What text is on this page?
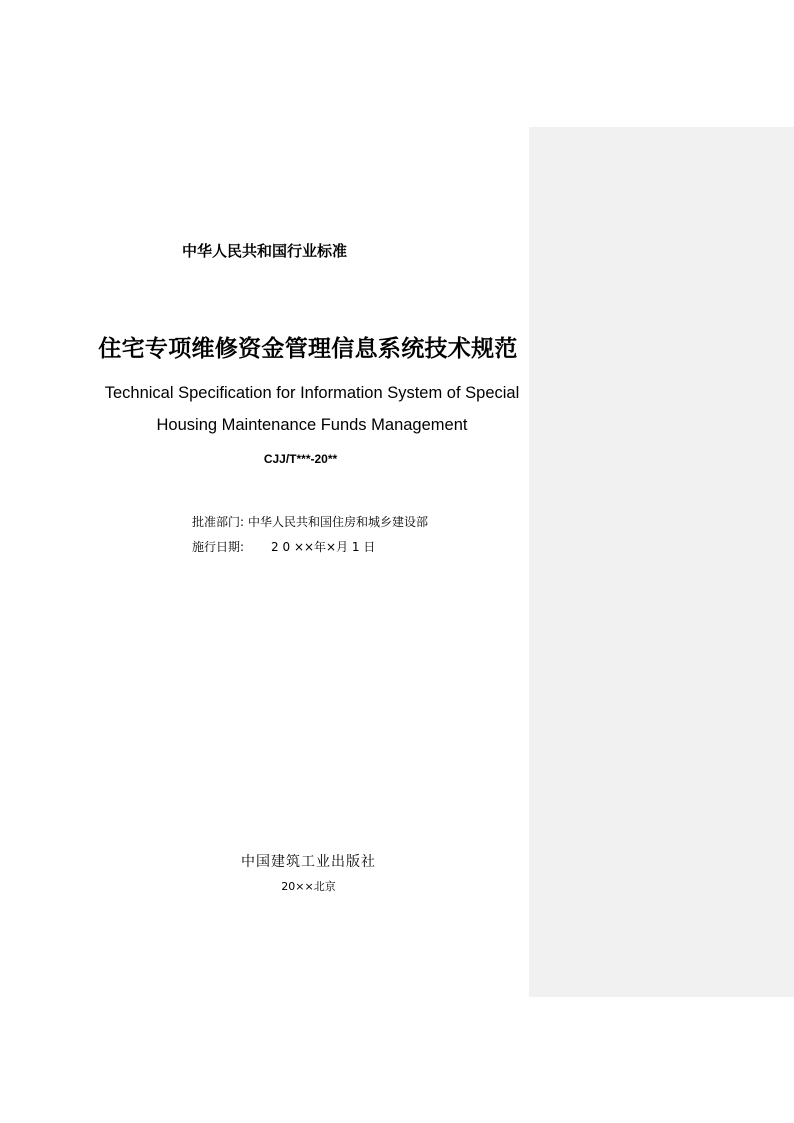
中华人民共和国行业标准
住宅专项维修资金管理信息系统技术规范
Technical Specification for Information System of Special
Housing Maintenance Funds Management
CJJ/T***-20**
批准部门: 中华人民共和国住房和城乡建设部
施行日期: 2 0 ××年×月 1 日
中国建筑工业出版社
20××北京
